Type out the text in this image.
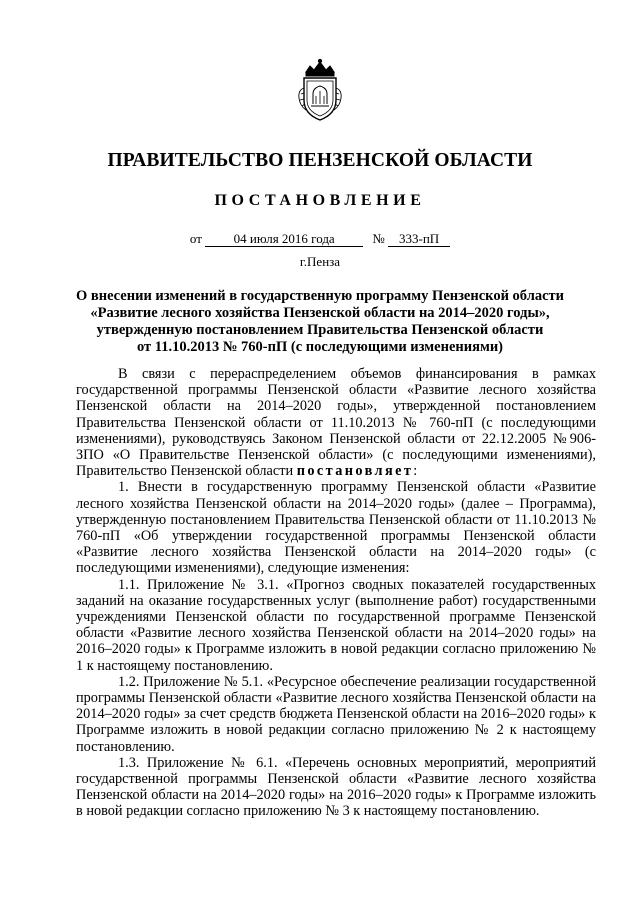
ПРАВИТЕЛЬСТВО ПЕНЗЕНСКОЙ ОБЛАСТИ
ПОСТАНОВЛЕНИЕ
от 04 июля 2016 года	№ 333-пП
г.Пенза
О внесении изменений в государственную программу Пензенской области
«Развитие лесного хозяйства Пензенской области на 2014–2020 годы»,
утвержденную постановлением Правительства Пензенской области
от 11.10.2013 № 760-пП (с последующими изменениями)

В связи с перераспределением объемов финансирования в рамках государственной программы Пензенской области «Развитие лесного хозяйства Пензенской области на 2014–2020 годы», утвержденной постановлением Правительства Пензенской области от 11.10.2013 № 760-пП (с последующими изменениями), руководствуясь Законом Пензенской области от 22.12.2005 №906-ЗПО «О Правительстве Пензенской области» (с последующими изменениями), Правительство Пензенской области постановляет:

1. Внести в государственную программу Пензенской области «Развитие лесного хозяйства Пензенской области на 2014–2020 годы» (далее – Программа), утвержденную постановлением Правительства Пензенской области от 11.10.2013 № 760-пП «Об утверждении государственной программы Пензенской области «Развитие лесного хозяйства Пензенской области на 2014–2020 годы» (с последующими изменениями), следующие изменения:

1.1. Приложение № 3.1. «Прогноз сводных показателей государственных заданий на оказание государственных услуг (выполнение работ) государственными учреждениями Пензенской области по государственной программе Пензенской области «Развитие лесного хозяйства Пензенской области на 2014–2020 годы» на 2016–2020 годы» к Программе изложить в новой редакции согласно приложению № 1 к настоящему постановлению.

1.2. Приложение № 5.1. «Ресурсное обеспечение реализации государственной программы Пензенской области «Развитие лесного хозяйства Пензенской области на 2014–2020 годы» за счет средств бюджета Пензенской области на 2016–2020 годы» к Программе изложить в новой редакции согласно приложению № 2 к настоящему постановлению.

1.3. Приложение № 6.1. «Перечень основных мероприятий, мероприятий государственной программы Пензенской области «Развитие лесного хозяйства Пензенской области на 2014–2020 годы» на 2016–2020 годы» к Программе изложить в новой редакции согласно приложению № 3 к настоящему постановлению.
